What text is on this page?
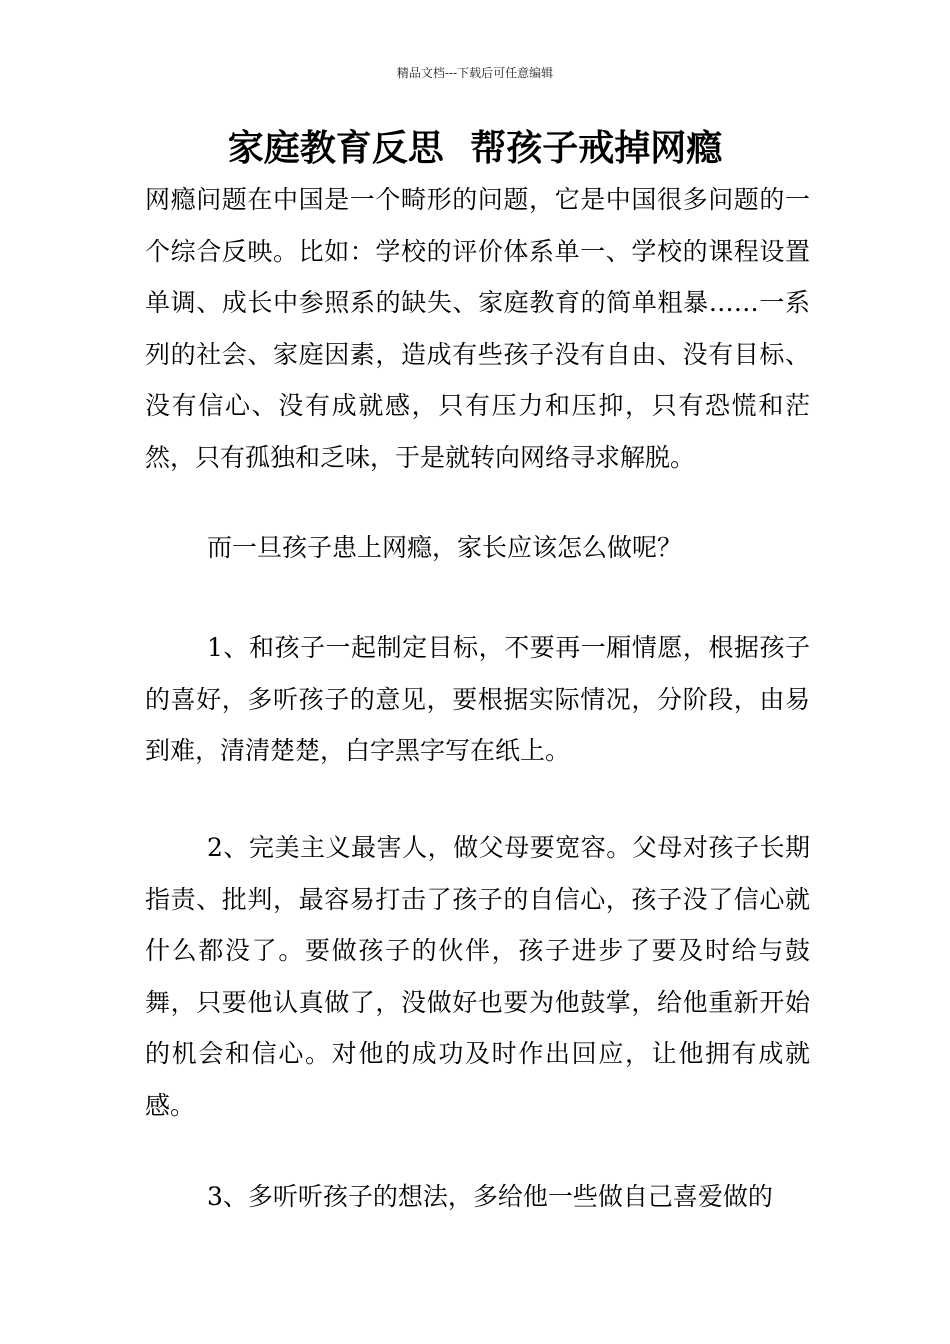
精品文档---下载后可任意编辑
家庭教育反思 帮孩子戒掉网瘾

网瘾问题在中国是一个畸形的问题，它是中国很多问题的一个综合反映。比如：学校的评价体系单一、学校的课程设置单调、成长中参照系的缺失、家庭教育的简单粗暴……一系列的社会、家庭因素，造成有些孩子没有自由、没有目标、没有信心、没有成就感，只有压力和压抑，只有恐慌和茫然，只有孤独和乏味，于是就转向网络寻求解脱。

而一旦孩子患上网瘾，家长应该怎么做呢？

1、和孩子一起制定目标，不要再一厢情愿，根据孩子的喜好，多听孩子的意见，要根据实际情况，分阶段，由易到难，清清楚楚，白字黑字写在纸上。

2、完美主义最害人，做父母要宽容。父母对孩子长期指责、批判，最容易打击了孩子的自信心，孩子没了信心就什么都没了。要做孩子的伙伴，孩子进步了要及时给与鼓舞，只要他认真做了，没做好也要为他鼓掌，给他重新开始的机会和信心。对他的成功及时作出回应，让他拥有成就感。

3、多听听孩子的想法，多给他一些做自己喜爱做的
